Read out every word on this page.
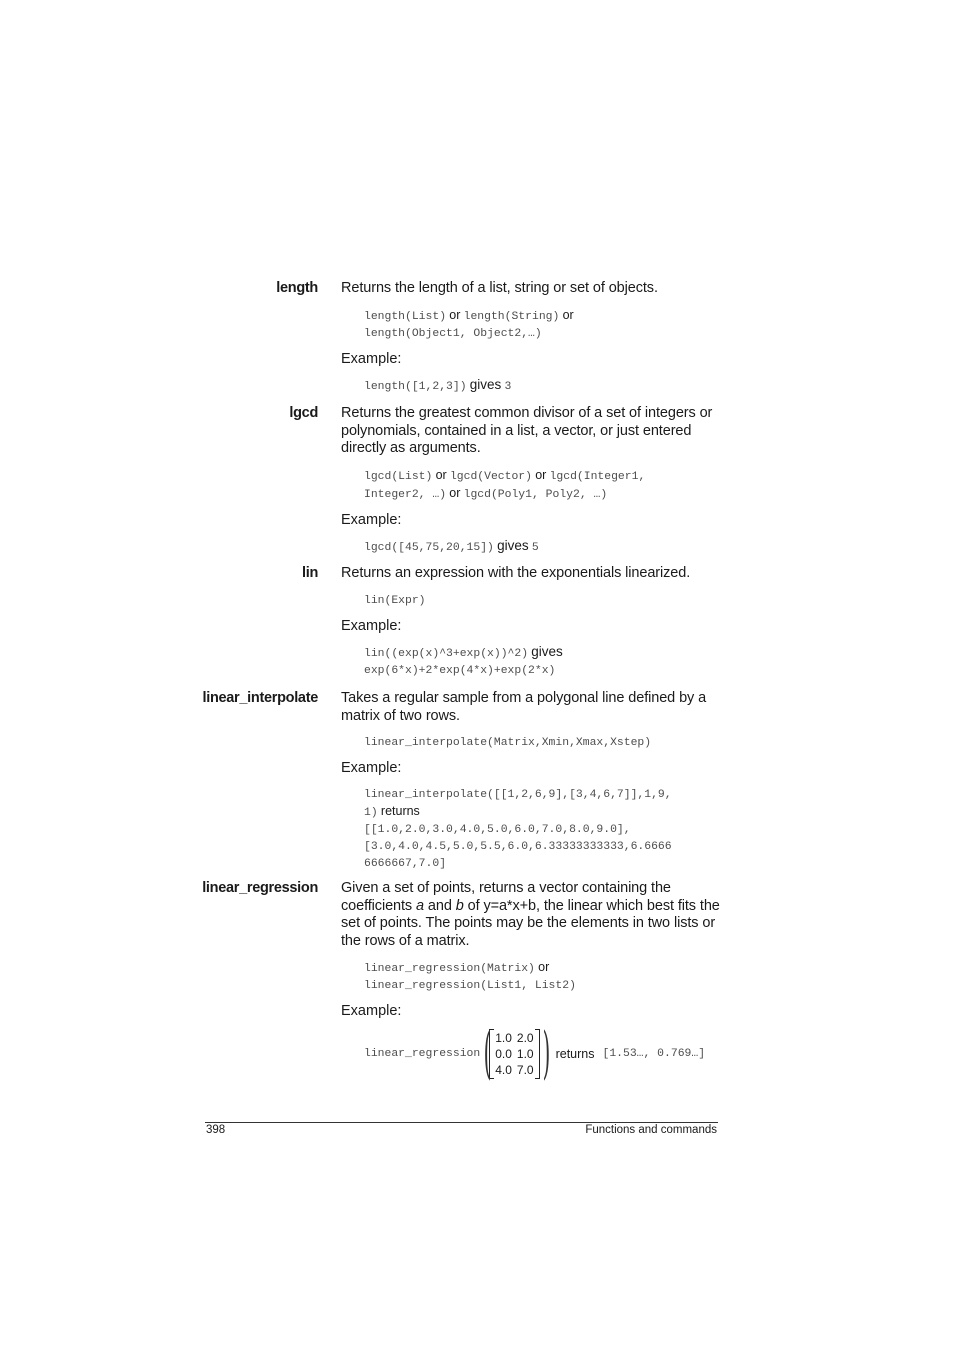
length Returns the length of a list, string or set of objects.

length(List) or length(String) or

length(Object1, Object2,…)

Example:

length([1,2,3]) gives 3

lgcd Returns the greatest common divisor of a set of integers or polynomials, contained in a list, a vector, or just entered directly as arguments.

lgcd(List) or lgcd(Vector) or lgcd(Integer1,

Integer2, …) or lgcd(Poly1, Poly2, …)

Example:

lgcd([45,75,20,15]) gives 5

lin Returns an expression with the exponentials linearized.

lin(Expr)

Example:

lin((exp(x)^3+exp(x))^2) gives

exp(6*x)+2*exp(4*x)+exp(2*x)

linear_interpolate Takes a regular sample from a polygonal line defined by a matrix of two rows.

linear_interpolate(Matrix,Xmin,Xmax,Xstep)

Example:

linear_interpolate([[1,2,6,9],[3,4,6,7]],1,9,

1) returns

[[1.0,2.0,3.0,4.0,5.0,6.0,7.0,8.0,9.0],

[3.0,4.0,4.5,5.0,5.5,6.0,6.33333333333,6.6666

6666667,7.0]

linear_regression Given a set of points, returns a vector containing the coefficients a and b of y=a*x+b, the linear which best fits the set of points. The points may be the elements in two lists or the rows of a matrix.

linear_regression(Matrix) or

linear_regression(List1, List2)

Example:

linear_regression ( 1.0 2.0
0.0 1.0
4.0 7.0 ) returns [1.53…, 0.769…]
398	Functions and commands
